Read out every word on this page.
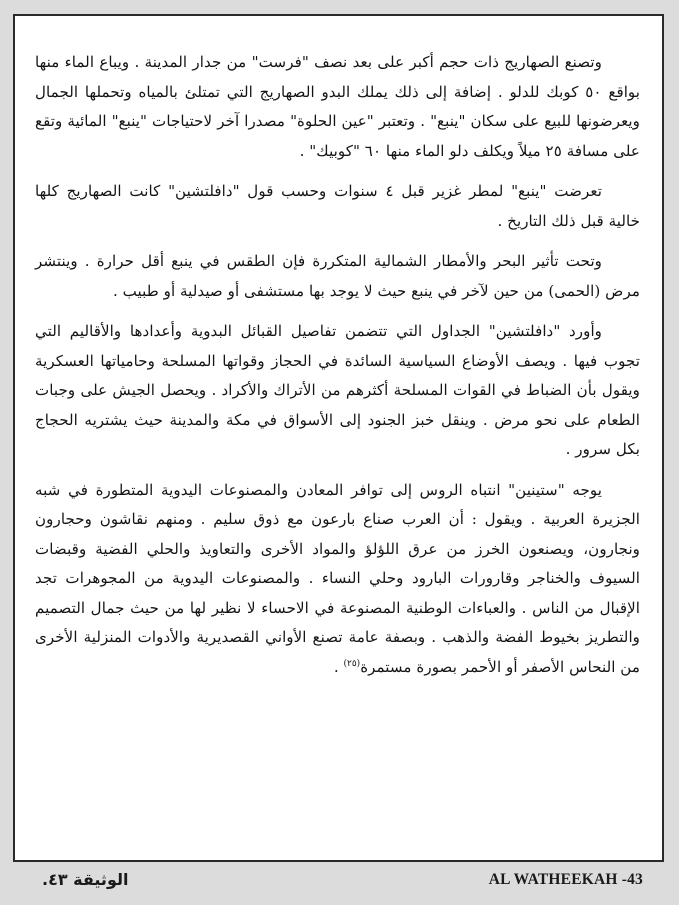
وتصنع الصهاريج ذات حجم أكبر على بعد نصف "فرست" من جدار المدينة . ويباع الماء منها بواقع ٥٠ كوبك للدلو . إضافة إلى ذلك يملك البدو الصهاريج التي تمتلئ بالمياه وتحملها الجمال ويعرضونها للبيع على سكان "ينبع" . وتعتبر "عين الحلوة" مصدرا آخر لاحتياجات "ينبع" المائية وتقع على مسافة ٢٥ ميلاً ويكلف دلو الماء منها ٦٠ "كوبيك" .

تعرضت "ينبع" لمطر غزير قبل ٤ سنوات وحسب قول "دافلتشين" كانت الصهاريج كلها خالية قبل ذلك التاريخ .

وتحت تأثير البحر والأمطار الشمالية المتكررة فإن الطقس في ينبع أقل حرارة . وينتشر مرض (الحمى) من حين لآخر في ينبع حيث لا يوجد بها مستشفى أو صيدلية أو طبيب .

وأورد "دافلتشين" الجداول التي تتضمن تفاصيل القبائل البدوية وأعدادها والأقاليم التي تجوب فيها . ويصف الأوضاع السياسية السائدة في الحجاز وقواتها المسلحة وحامياتها العسكرية ويقول بأن الضباط في القوات المسلحة أكثرهم من الأتراك والأكراد . ويحصل الجيش على وجبات الطعام على نحو مرض . وينقل خبز الجنود إلى الأسواق في مكة والمدينة حيث يشتريه الحجاج بكل سرور .

يوجه "ستينين" انتباه الروس إلى توافر المعادن والمصنوعات اليدوية المتطورة في شبه الجزيرة العربية . ويقول : أن العرب صناع بارعون مع ذوق سليم . ومنهم نقاشون وحجارون ونجارون، ويصنعون الخرز من عرق اللؤلؤ والمواد الأخرى والتعاويذ والحلي الفضية وقبضات السيوف والخناجر وقارورات البارود وحلي النساء . والمصنوعات اليدوية من المجوهرات تجد الإقبال من الناس . والعباءات الوطنية المصنوعة في الاحساء لا نظير لها من حيث جمال التصميم والتطريز بخيوط الفضة والذهب . وبصفة عامة تصنع الأواني القصديرية والأدوات المنزلية الأخرى من النحاس الأصفر أو الأحمر بصورة مستمرة$^{(٢٥)}$ .

الوثيقة ٤٣.	AL WATHEEKAH -43
